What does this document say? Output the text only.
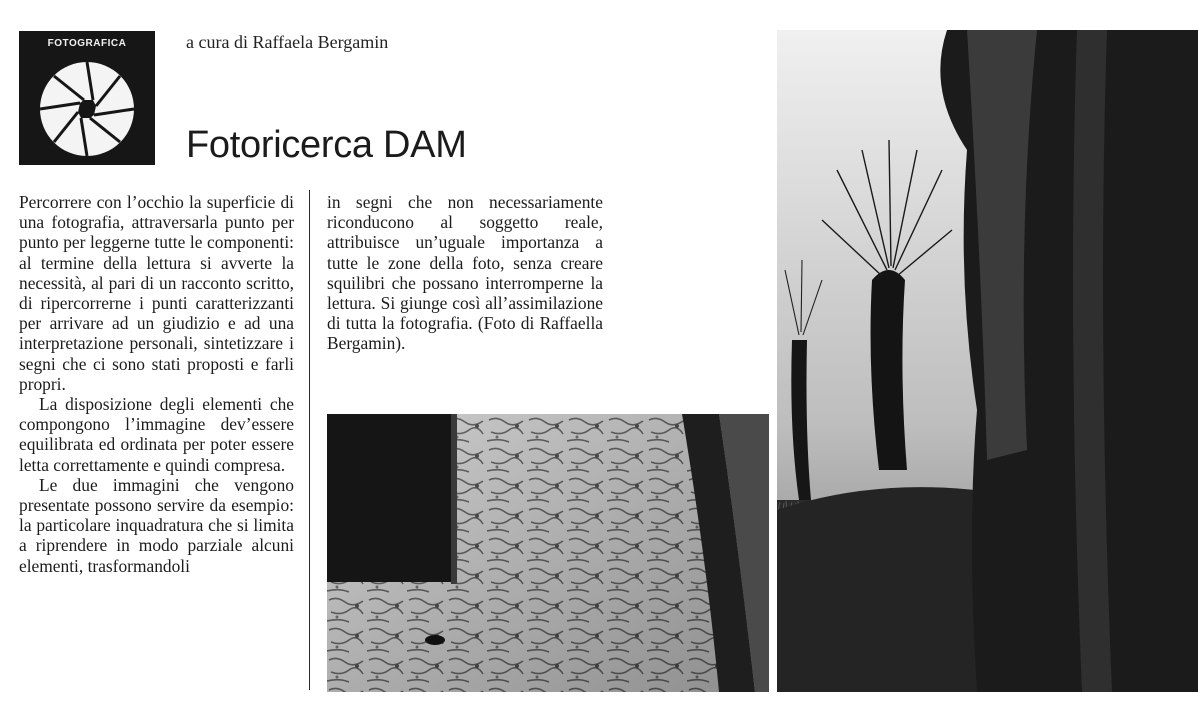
FOTOGRAFICA	a cura di Raffaela Bergamin
Fotoricerca DAM

Percorrere con l’occhio la superficie di una fotografia, attraversarla punto per punto per leggerne tutte le componenti: al termine della lettura si avverte la necessità, al pari di un racconto scritto, di ripercorrerne i punti caratterizzanti per arrivare ad un giudizio e ad una interpretazione personali, sintetizzare i segni che ci sono stati proposti e farli propri.

La disposizione degli elementi che compongono l’immagine dev’essere equilibrata ed ordinata per poter essere letta correttamente e quindi compresa.

Le due immagini che vengono presentate possono servire da esempio: la particolare inquadratura che si limita a riprendere in modo parziale alcuni elementi, trasformandoli

in segni che non necessariamente riconducono al soggetto reale, attribuisce un’uguale importanza a tutte le zone della foto, senza creare squilibri che possano interromperne la lettura. Si giunge così all’assimilazione di tutta la fotografia. (Foto di Raffaella Bergamin).
